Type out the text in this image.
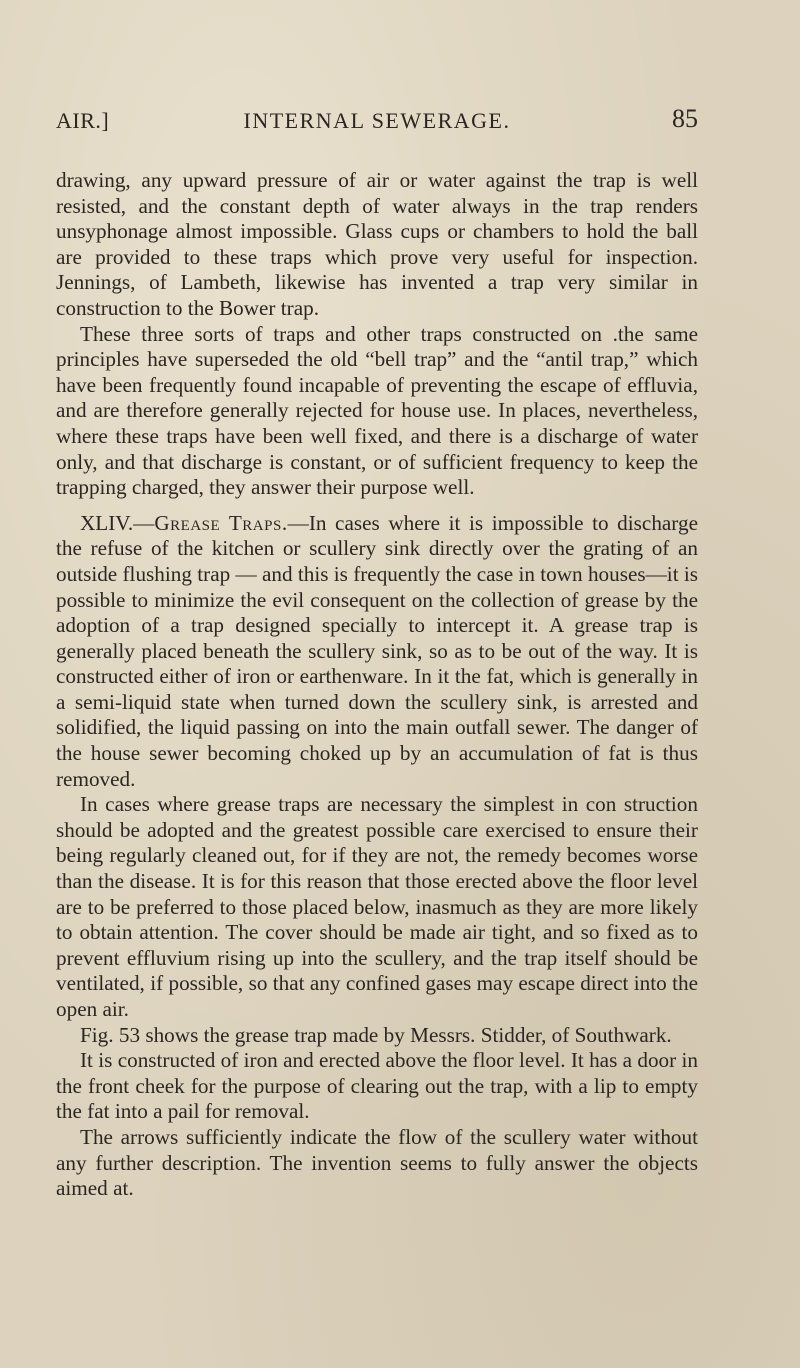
AIR.]	INTERNAL SEWERAGE.	85

drawing, any upward pressure of air or water against the trap is well resisted, and the constant depth of water always in the trap renders unsyphonage almost impossible. Glass cups or chambers to hold the ball are provided to these traps which prove very useful for inspection. Jennings, of Lambeth, likewise has invented a trap very similar in construction to the Bower trap.

These three sorts of traps and other traps constructed on .the same principles have superseded the old “bell trap” and the “antil trap,” which have been frequently found incapable of preventing the escape of effluvia, and are therefore generally rejected for house use. In places, nevertheless, where these traps have been well fixed, and there is a discharge of water only, and that discharge is constant, or of sufficient frequency to keep the trapping charged, they answer their purpose well.

XLIV.—Grease Traps.—In cases where it is impossible to discharge the refuse of the kitchen or scullery sink directly over the grating of an outside flushing trap — and this is frequently the case in town houses—it is possible to minimize the evil consequent on the collection of grease by the adoption of a trap designed specially to intercept it. A grease trap is generally placed beneath the scullery sink, so as to be out of the way. It is constructed either of iron or earthenware. In it the fat, which is generally in a semi-liquid state when turned down the scullery sink, is arrested and solidified, the liquid passing on into the main outfall sewer. The danger of the house sewer becoming choked up by an accumulation of fat is thus removed.

In cases where grease traps are necessary the simplest in con struction should be adopted and the greatest possible care exercised to ensure their being regularly cleaned out, for if they are not, the remedy becomes worse than the disease. It is for this reason that those erected above the floor level are to be preferred to those placed below, inasmuch as they are more likely to obtain attention. The cover should be made air tight, and so fixed as to prevent effluvium rising up into the scullery, and the trap itself should be ventilated, if possible, so that any confined gases may escape direct into the open air.

Fig. 53 shows the grease trap made by Messrs. Stidder, of Southwark.

It is constructed of iron and erected above the floor level. It has a door in the front cheek for the purpose of clearing out the trap, with a lip to empty the fat into a pail for removal.

The arrows sufficiently indicate the flow of the scullery water without any further description. The invention seems to fully answer the objects aimed at.
